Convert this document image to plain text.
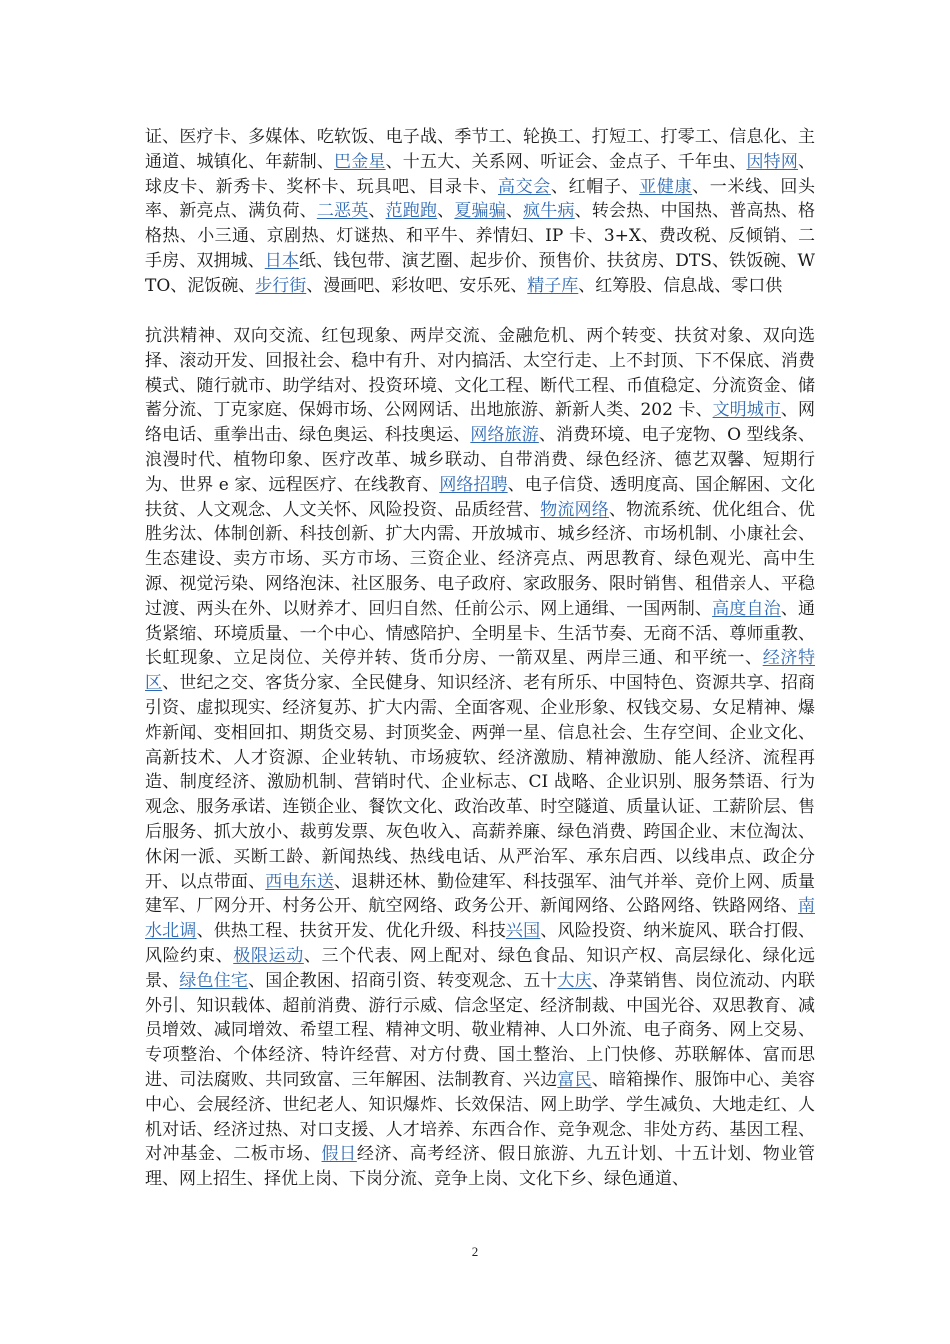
证、医疗卡、多媒体、吃软饭、电子战、季节工、轮换工、打短工、打零工、信息化、主通道、城镇化、年薪制、巴金星、十五大、关系网、听证会、金点子、千年虫、因特网、球皮卡、新秀卡、奖杯卡、玩具吧、目录卡、高交会、红帽子、亚健康、一米线、回头率、新亮点、满负荷、二恶英、范跑跑、夏骗骗、疯牛病、转会热、中国热、普高热、格格热、小三通、京剧热、灯谜热、和平牛、养情妇、IP 卡、3+X、费改税、反倾销、二手房、双拥城、日本纸、钱包带、演艺圈、起步价、预售价、扶贫房、DTS、铁饭碗、WTO、泥饭碗、步行街、漫画吧、彩妆吧、安乐死、精子库、红筹股、信息战、零口供

抗洪精神、双向交流、红包现象、两岸交流、金融危机、两个转变、扶贫对象、双向选择、滚动开发、回报社会、稳中有升、对内搞活、太空行走、上不封顶、下不保底、消费模式、随行就市、助学结对、投资环境、文化工程、断代工程、币值稳定、分流资金、储蓄分流、丁克家庭、保姆市场、公网网话、出地旅游、新新人类、202 卡、文明城市、网络电话、重拳出击、绿色奥运、科技奥运、网络旅游、消费环境、电子宠物、O 型线条、浪漫时代、植物印象、医疗改革、城乡联动、自带消费、绿色经济、德艺双馨、短期行为、世界 e 家、远程医疗、在线教育、网络招聘、电子信贷、透明度高、国企解困、文化扶贫、人文观念、人文关怀、风险投资、品质经营、物流网络、物流系统、优化组合、优胜劣汰、体制创新、科技创新、扩大内需、开放城市、城乡经济、市场机制、小康社会、生态建设、卖方市场、买方市场、三资企业、经济亮点、两思教育、绿色观光、高中生源、视觉污染、网络泡沫、社区服务、电子政府、家政服务、限时销售、租借亲人、平稳过渡、两头在外、以财养才、回归自然、任前公示、网上通缉、一国两制、高度自治、通货紧缩、环境质量、一个中心、情感陪护、全明星卡、生活节奏、无商不活、尊师重教、长虹现象、立足岗位、关停并转、货币分房、一箭双星、两岸三通、和平统一、经济特区、世纪之交、客货分家、全民健身、知识经济、老有所乐、中国特色、资源共享、招商引资、虚拟现实、经济复苏、扩大内需、全面客观、企业形象、权钱交易、女足精神、爆炸新闻、变相回扣、期货交易、封顶奖金、两弹一星、信息社会、生存空间、企业文化、高新技术、人才资源、企业转轨、市场疲软、经济激励、精神激励、能人经济、流程再造、制度经济、激励机制、营销时代、企业标志、CI 战略、企业识别、服务禁语、行为观念、服务承诺、连锁企业、餐饮文化、政治改革、时空隧道、质量认证、工薪阶层、售后服务、抓大放小、裁剪发票、灰色收入、高薪养廉、绿色消费、跨国企业、末位淘汰、休闲一派、买断工龄、新闻热线、热线电话、从严治军、承东启西、以线串点、政企分开、以点带面、西电东送、退耕还林、勤俭建军、科技强军、油气并举、竞价上网、质量建军、厂网分开、村务公开、航空网络、政务公开、新闻网络、公路网络、铁路网络、南水北调、供热工程、扶贫开发、优化升级、科技兴国、风险投资、纳米旋风、联合打假、风险约束、极限运动、三个代表、网上配对、绿色食品、知识产权、高层绿化、绿化远景、绿色住宅、国企教困、招商引资、转变观念、五十大庆、净菜销售、岗位流动、内联外引、知识载体、超前消费、游行示威、信念坚定、经济制裁、中国光谷、双思教育、减员增效、减同增效、希望工程、精神文明、敬业精神、人口外流、电子商务、网上交易、专项整治、个体经济、特许经营、对方付费、国土整治、上门快修、苏联解体、富而思进、司法腐败、共同致富、三年解困、法制教育、兴边富民、暗箱操作、服饰中心、美容中心、会展经济、世纪老人、知识爆炸、长效保洁、网上助学、学生减负、大地走红、人机对话、经济过热、对口支援、人才培养、东西合作、竞争观念、非处方药、基因工程、对冲基金、二板市场、假日经济、高考经济、假日旅游、九五计划、十五计划、物业管理、网上招生、择优上岗、下岗分流、竞争上岗、文化下乡、绿色通道、

2
